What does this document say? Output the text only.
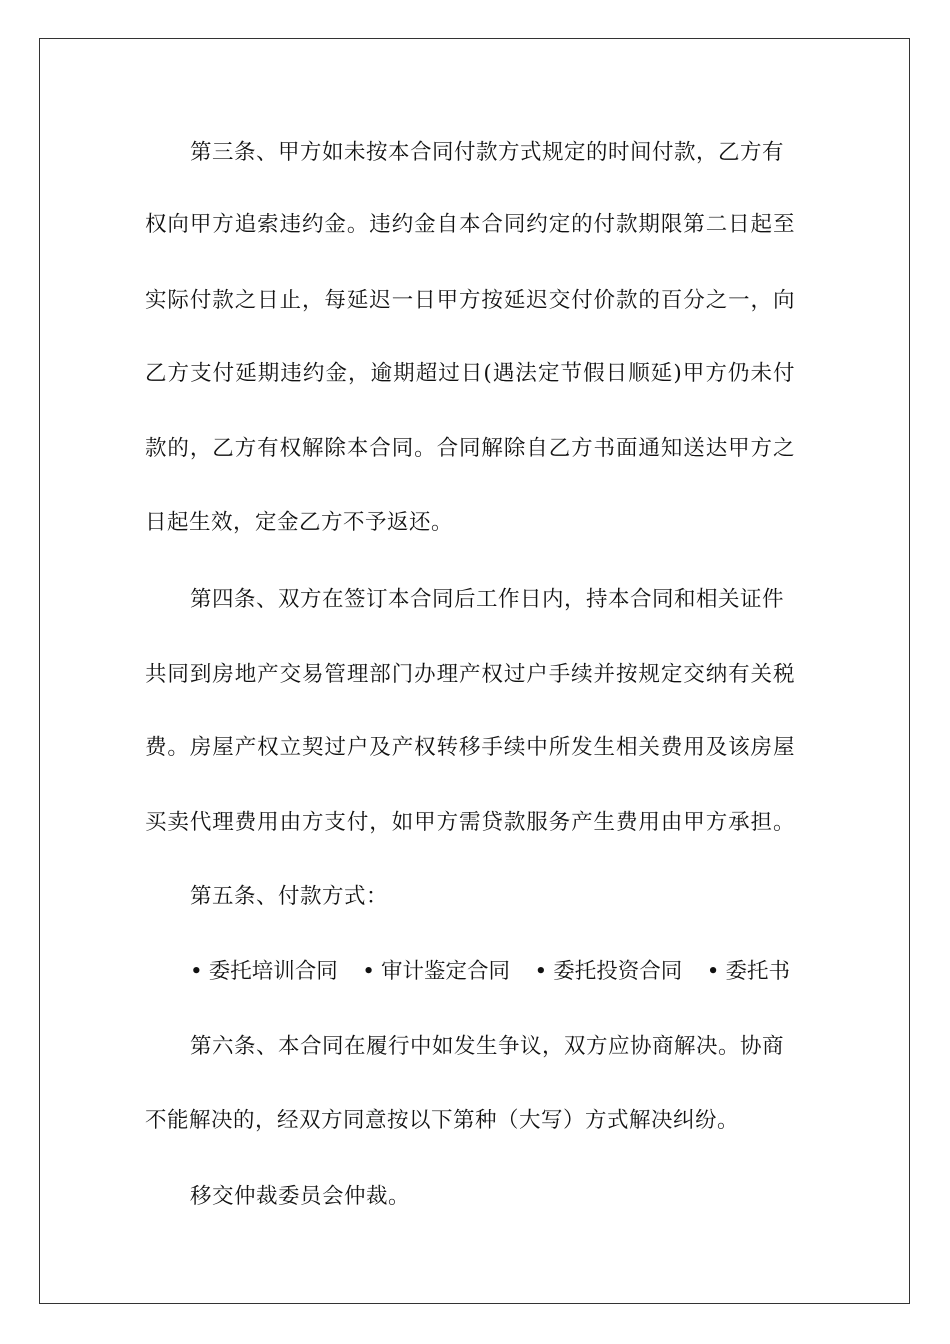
第三条、甲方如未按本合同付款方式规定的时间付款，乙方有
权向甲方追索违约金。违约金自本合同约定的付款期限第二日起至
实际付款之日止，每延迟一日甲方按延迟交付价款的百分之一，向
乙方支付延期违约金，逾期超过日(遇法定节假日顺延)甲方仍未付
款的，乙方有权解除本合同。合同解除自乙方书面通知送达甲方之
日起生效，定金乙方不予返还。
第四条、双方在签订本合同后工作日内，持本合同和相关证件
共同到房地产交易管理部门办理产权过户手续并按规定交纳有关税
费。房屋产权立契过户及产权转移手续中所发生相关费用及该房屋
买卖代理费用由方支付，如甲方需贷款服务产生费用由甲方承担。
第五条、付款方式：
• 委托培训合同 • 审计鉴定合同 • 委托投资合同 • 委托书
第六条、本合同在履行中如发生争议，双方应协商解决。协商
不能解决的，经双方同意按以下第种（大写）方式解决纠纷。
移交仲裁委员会仲裁。
